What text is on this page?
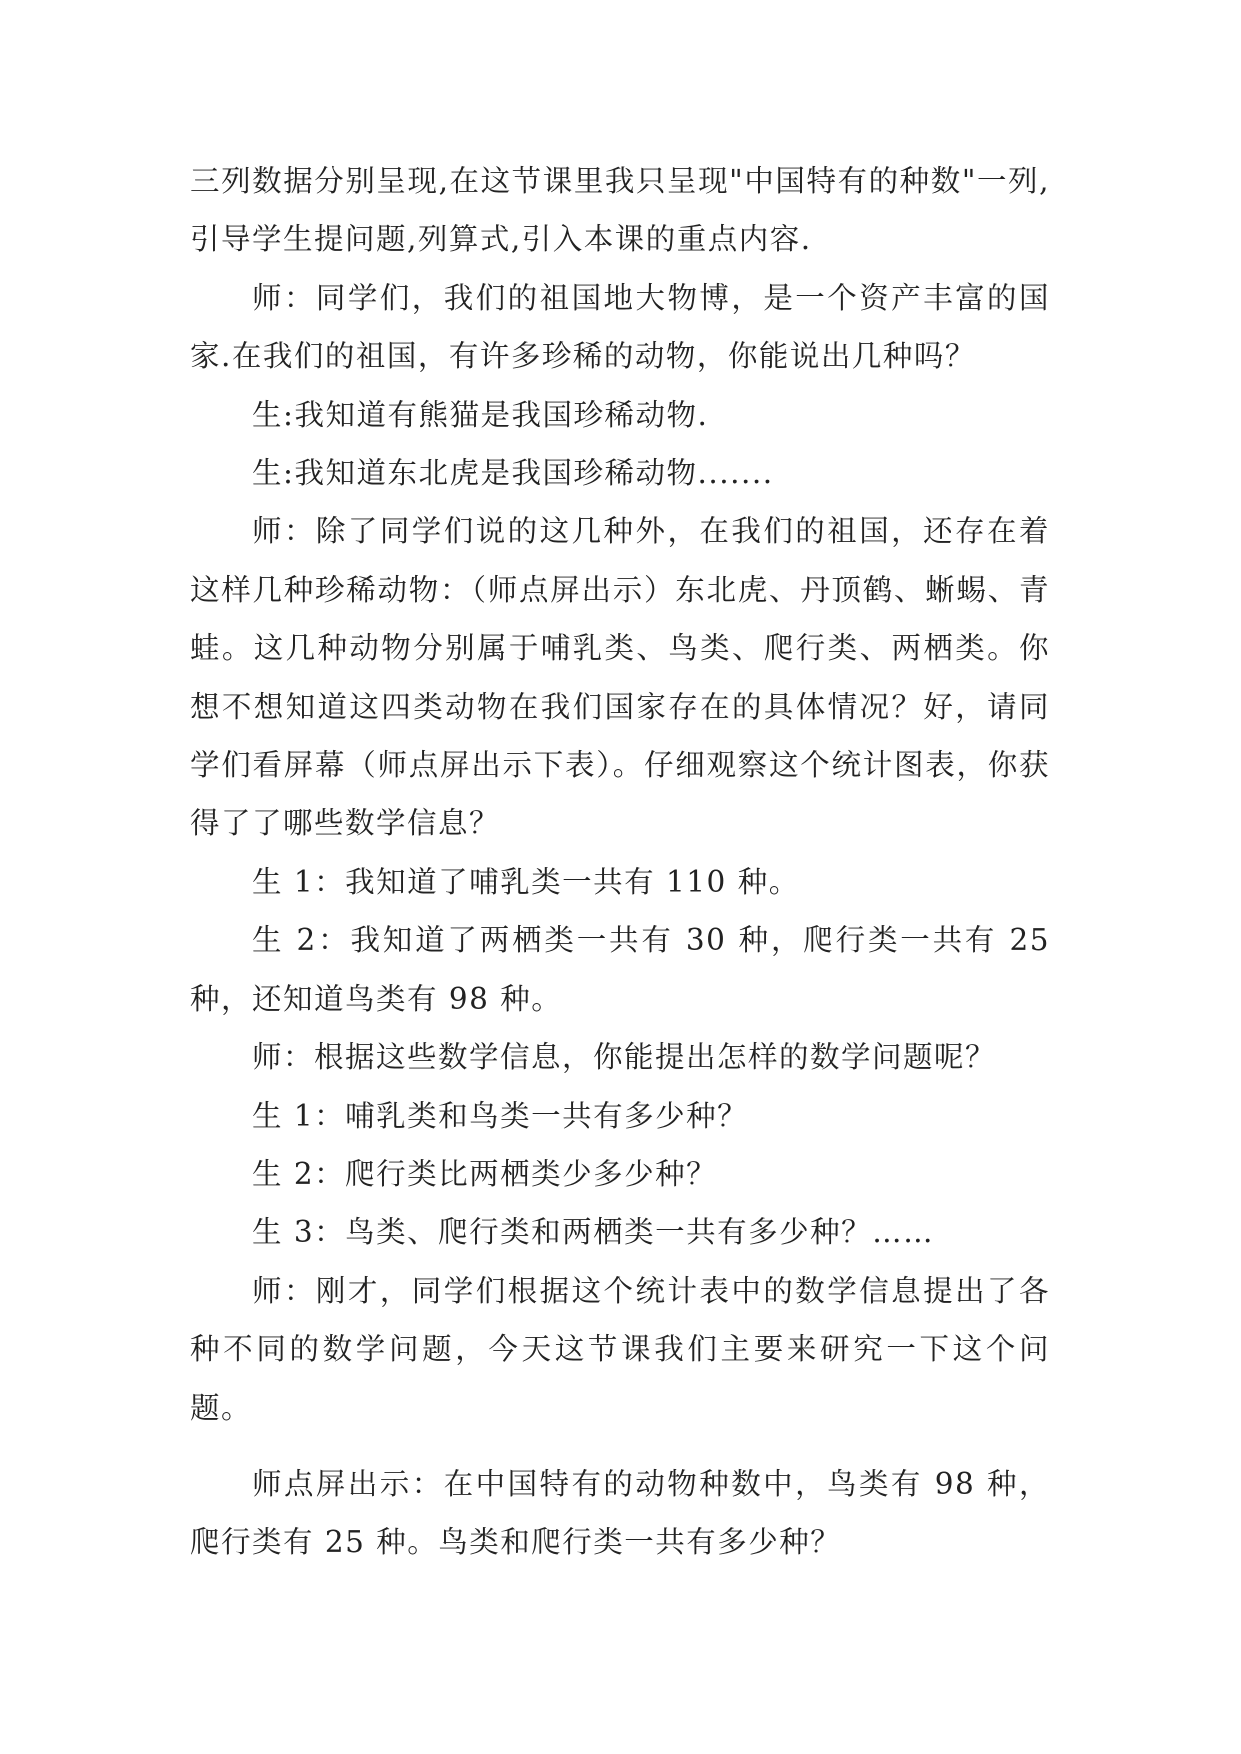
三列数据分别呈现,在这节课里我只呈现"中国特有的种数"一列,引导学生提问题,列算式,引入本课的重点内容.

师：同学们，我们的祖国地大物博，是一个资产丰富的国家.在我们的祖国，有许多珍稀的动物，你能说出几种吗？

生:我知道有熊猫是我国珍稀动物.

生:我知道东北虎是我国珍稀动物.......

师：除了同学们说的这几种外，在我们的祖国，还存在着这样几种珍稀动物：（师点屏出示）东北虎、丹顶鹤、蜥蜴、青蛙。这几种动物分别属于哺乳类、鸟类、爬行类、两栖类。你想不想知道这四类动物在我们国家存在的具体情况？好，请同学们看屏幕（师点屏出示下表）。仔细观察这个统计图表，你获得了了哪些数学信息？

生 1：我知道了哺乳类一共有 110 种。

生 2：我知道了两栖类一共有 30 种，爬行类一共有 25 种，还知道鸟类有 98 种。

师：根据这些数学信息，你能提出怎样的数学问题呢？

生 1：哺乳类和鸟类一共有多少种？

生 2：爬行类比两栖类少多少种？

生 3：鸟类、爬行类和两栖类一共有多少种？……

师：刚才，同学们根据这个统计表中的数学信息提出了各种不同的数学问题，今天这节课我们主要来研究一下这个问题。

师点屏出示：在中国特有的动物种数中，鸟类有 98 种，爬行类有 25 种。鸟类和爬行类一共有多少种？
